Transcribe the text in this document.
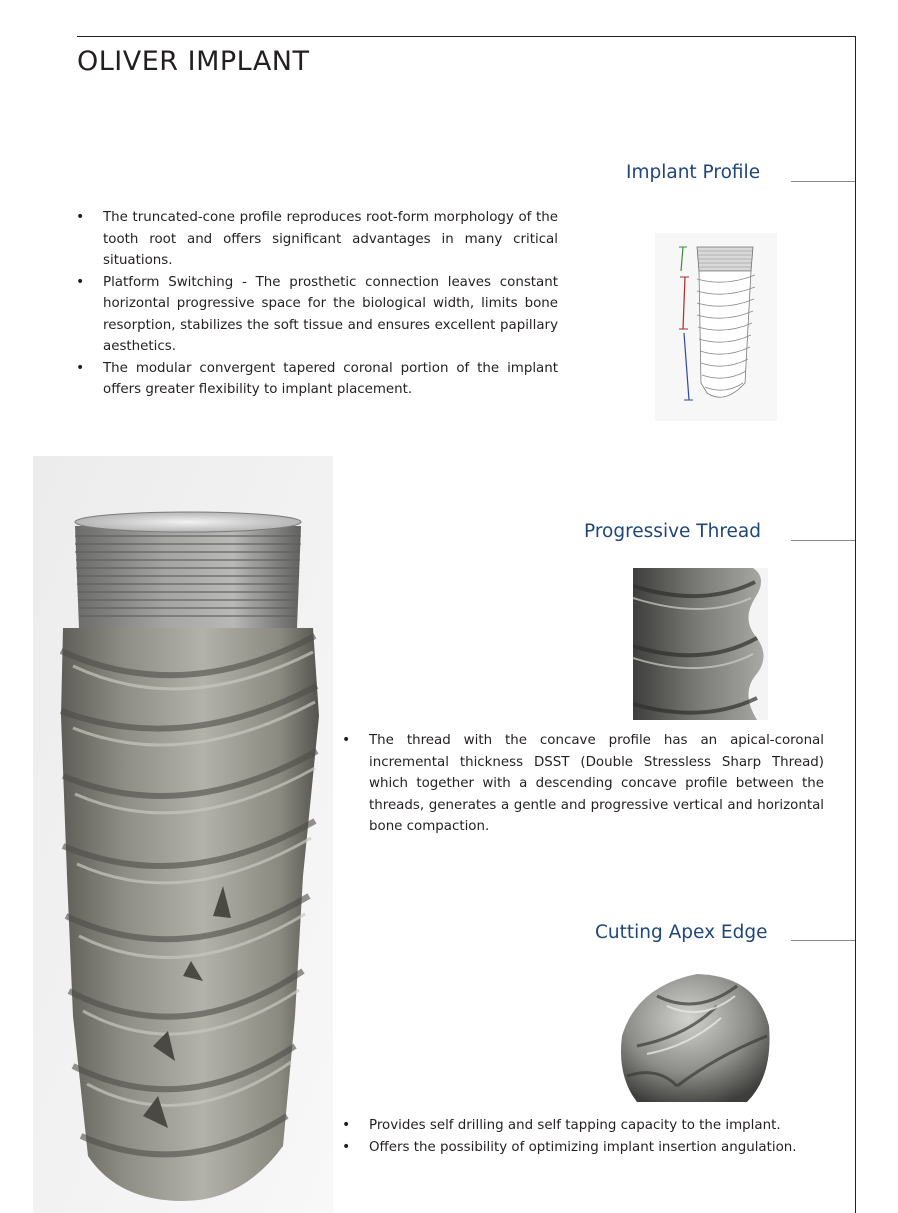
OLIVER IMPLANT
Implant Profile
• The truncated-cone profile reproduces root-form morphology of the tooth root and offers significant advantages in many critical situations.
• Platform Switching - The prosthetic connection leaves constant horizontal progressive space for the biological width, limits bone resorption, stabilizes the soft tissue and ensures excellent papillary aesthetics.
• The modular convergent tapered coronal portion of the implant offers greater flexibility to implant placement.
Progressive Thread
• The thread with the concave profile has an apical-coronal incremental thickness DSST (Double Stressless Sharp Thread) which together with a descending concave profile between the threads, generates a gentle and progressive vertical and horizontal bone compaction.
Cutting Apex Edge
• Provides self drilling and self tapping capacity to the implant.
• Offers the possibility of optimizing implant insertion angulation.
